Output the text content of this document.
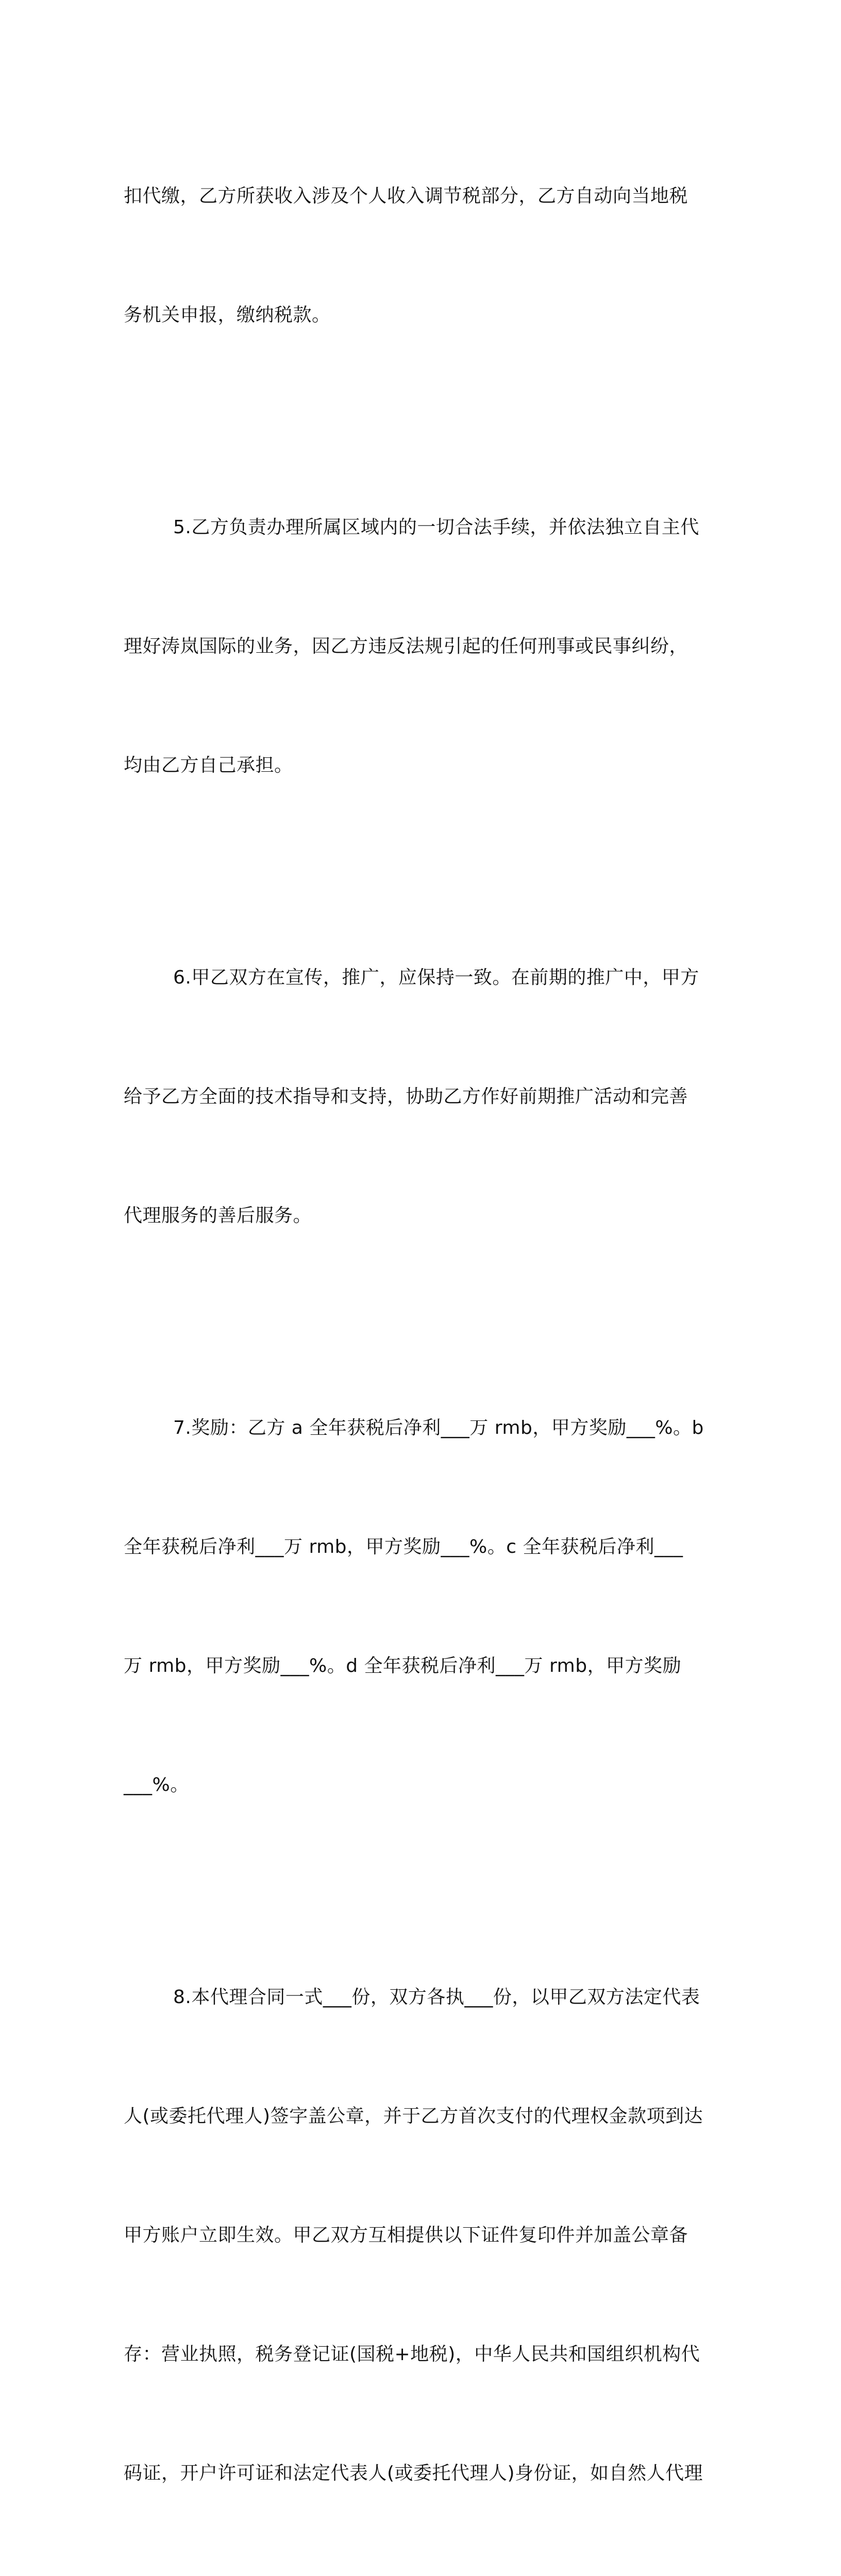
扣代缴，乙方所获收入涉及个人收入调节税部分，乙方自动向当地税

务机关申报，缴纳税款。

5.乙方负责办理所属区域内的一切合法手续，并依法独立自主代

理好涛岚国际的业务，因乙方违反法规引起的任何刑事或民事纠纷，

均由乙方自己承担。

6.甲乙双方在宣传，推广，应保持一致。在前期的推广中，甲方

给予乙方全面的技术指导和支持，协助乙方作好前期推广活动和完善

代理服务的善后服务。

7.奖励：乙方 a 全年获税后净利___万 rmb，甲方奖励___%。b

全年获税后净利___万 rmb，甲方奖励___%。c 全年获税后净利___

万 rmb，甲方奖励___%。d 全年获税后净利___万 rmb，甲方奖励

___%。

8.本代理合同一式___份，双方各执___份，以甲乙双方法定代表

人(或委托代理人)签字盖公章，并于乙方首次支付的代理权金款项到达

甲方账户立即生效。甲乙双方互相提供以下证件复印件并加盖公章备

存：营业执照，税务登记证(国税+地税)，中华人民共和国组织机构代

码证，开户许可证和法定代表人(或委托代理人)身份证，如自然人代理
